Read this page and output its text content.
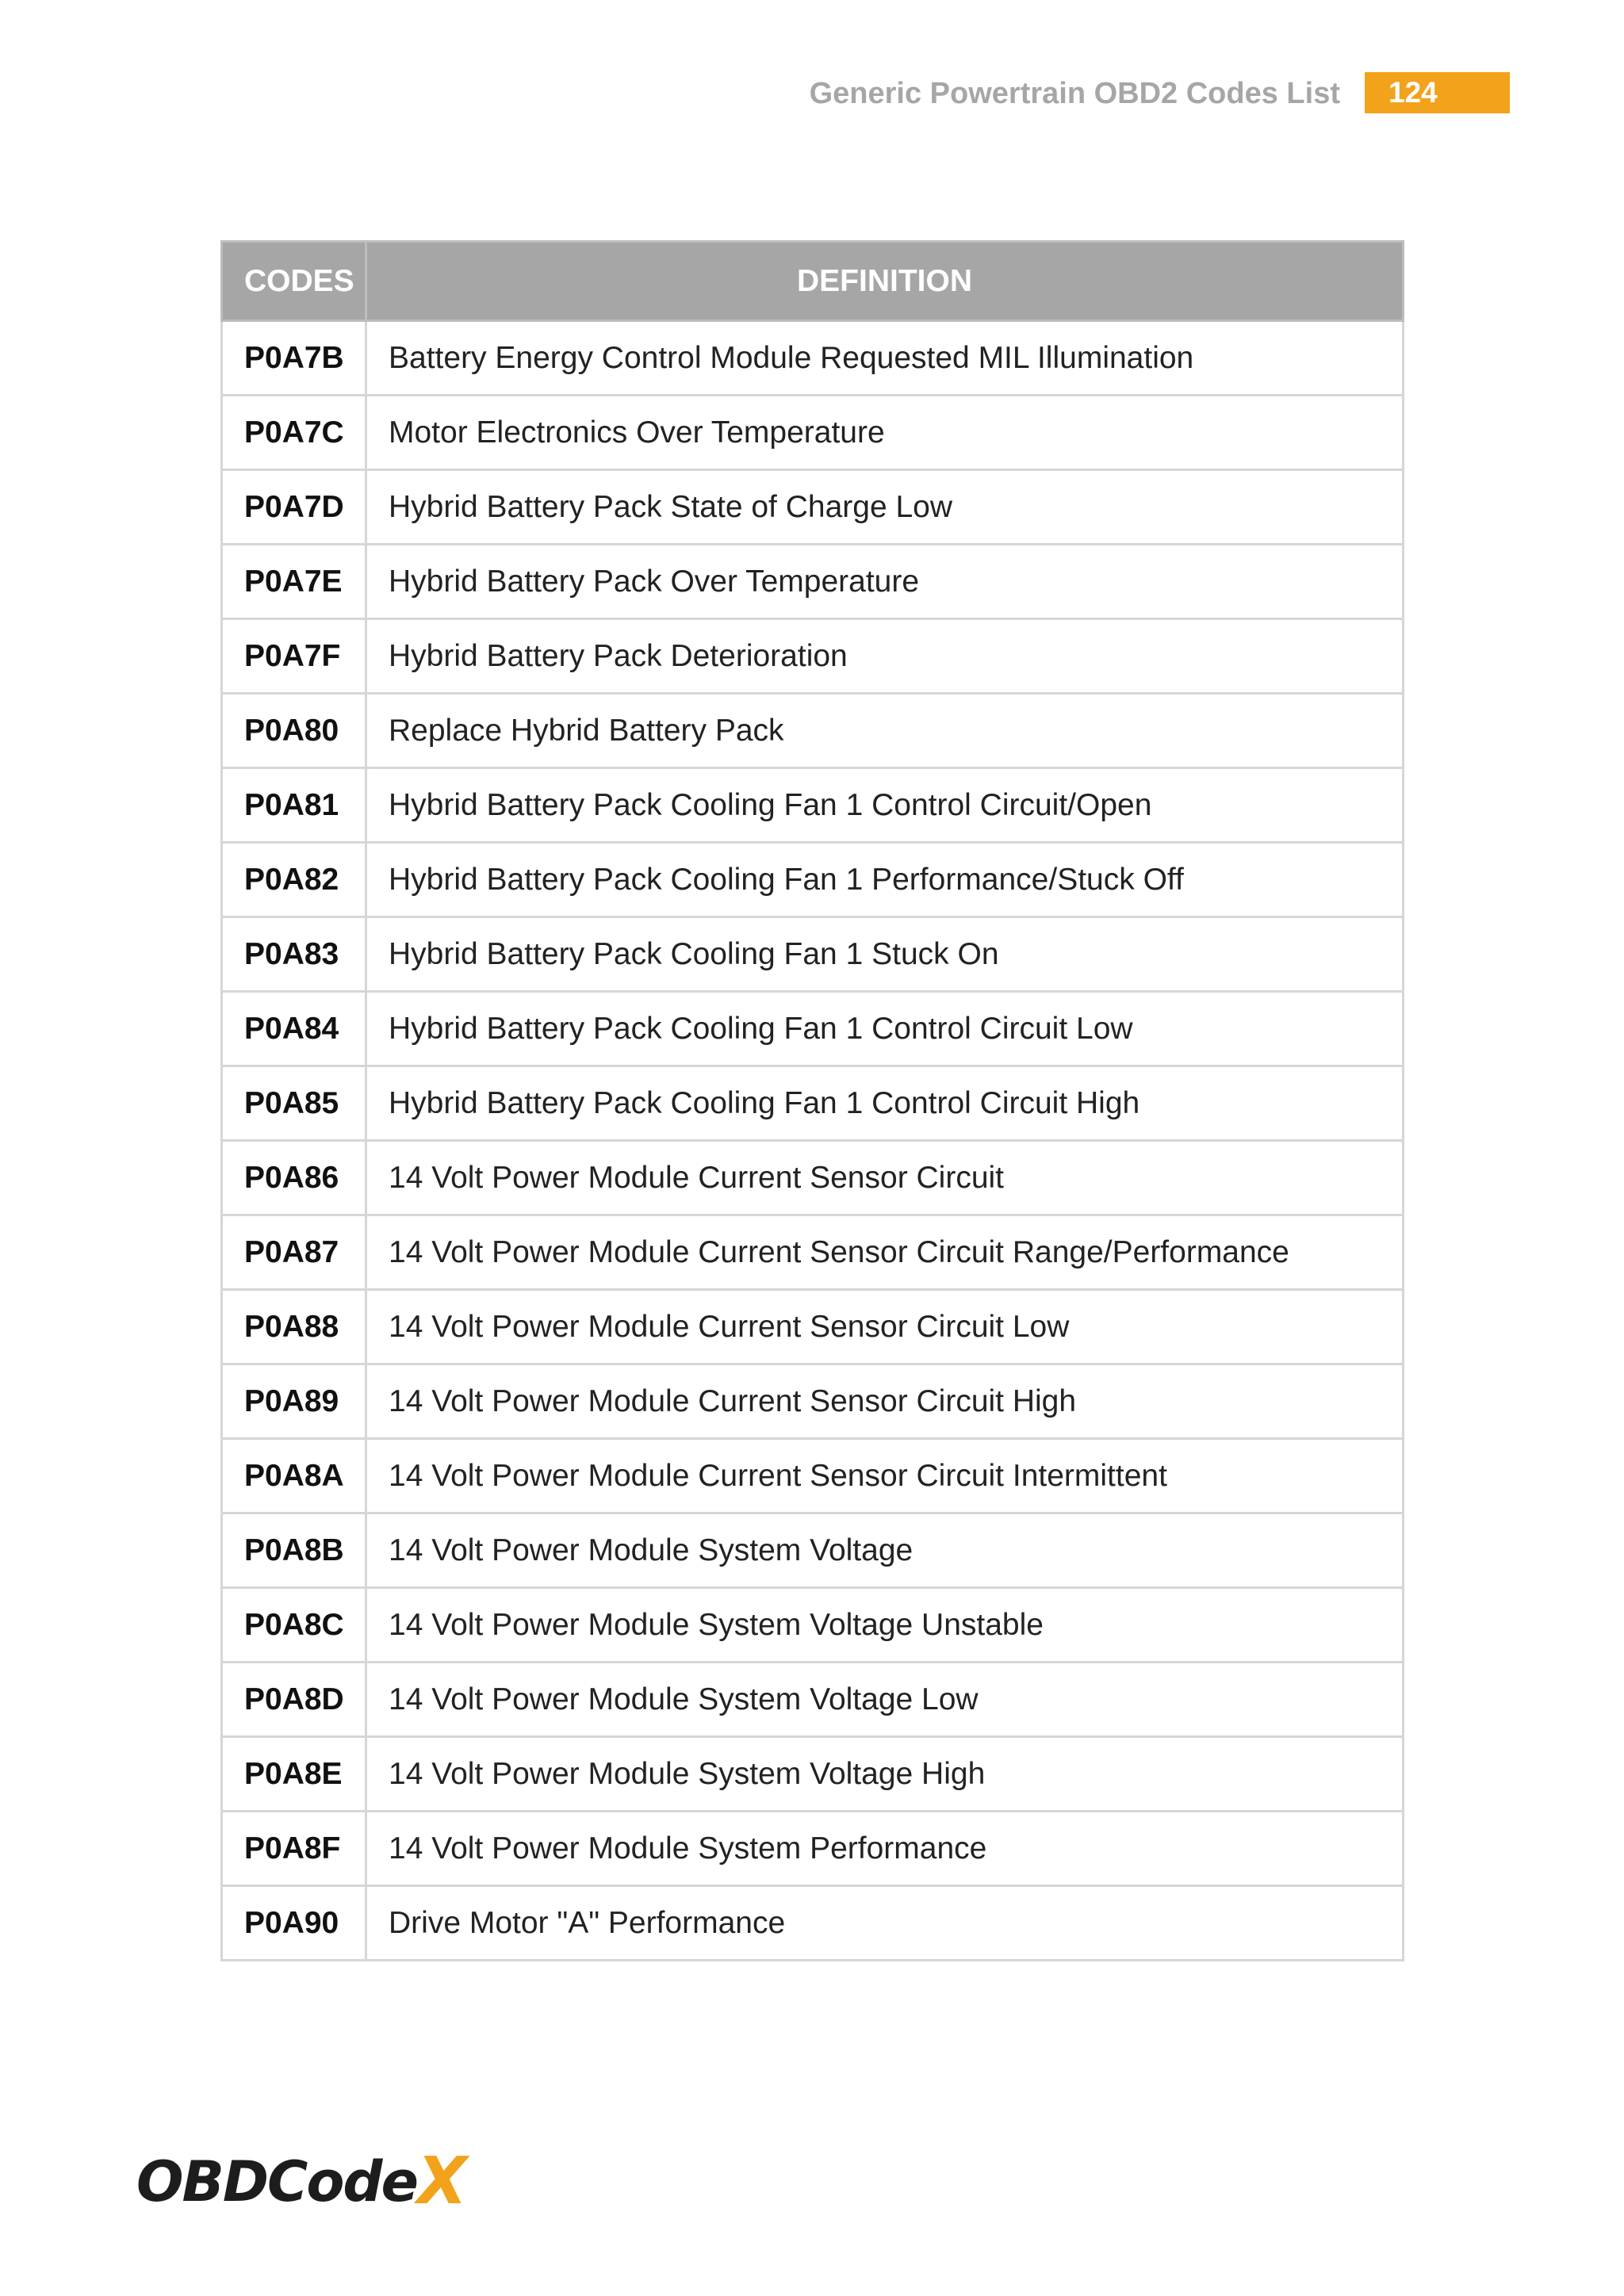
Generic Powertrain OBD2 Codes List	124
CODES	DEFINITION
P0A7B	Battery Energy Control Module Requested MIL Illumination
P0A7C	Motor Electronics Over Temperature
P0A7D	Hybrid Battery Pack State of Charge Low
P0A7E	Hybrid Battery Pack Over Temperature
P0A7F	Hybrid Battery Pack Deterioration
P0A80	Replace Hybrid Battery Pack
P0A81	Hybrid Battery Pack Cooling Fan 1 Control Circuit/Open
P0A82	Hybrid Battery Pack Cooling Fan 1 Performance/Stuck Off
P0A83	Hybrid Battery Pack Cooling Fan 1 Stuck On
P0A84	Hybrid Battery Pack Cooling Fan 1 Control Circuit Low
P0A85	Hybrid Battery Pack Cooling Fan 1 Control Circuit High
P0A86	14 Volt Power Module Current Sensor Circuit
P0A87	14 Volt Power Module Current Sensor Circuit Range/Performance
P0A88	14 Volt Power Module Current Sensor Circuit Low
P0A89	14 Volt Power Module Current Sensor Circuit High
P0A8A	14 Volt Power Module Current Sensor Circuit Intermittent
P0A8B	14 Volt Power Module System Voltage
P0A8C	14 Volt Power Module System Voltage Unstable
P0A8D	14 Volt Power Module System Voltage Low
P0A8E	14 Volt Power Module System Voltage High
P0A8F	14 Volt Power Module System Performance
P0A90	Drive Motor "A" Performance
OBDCode X
